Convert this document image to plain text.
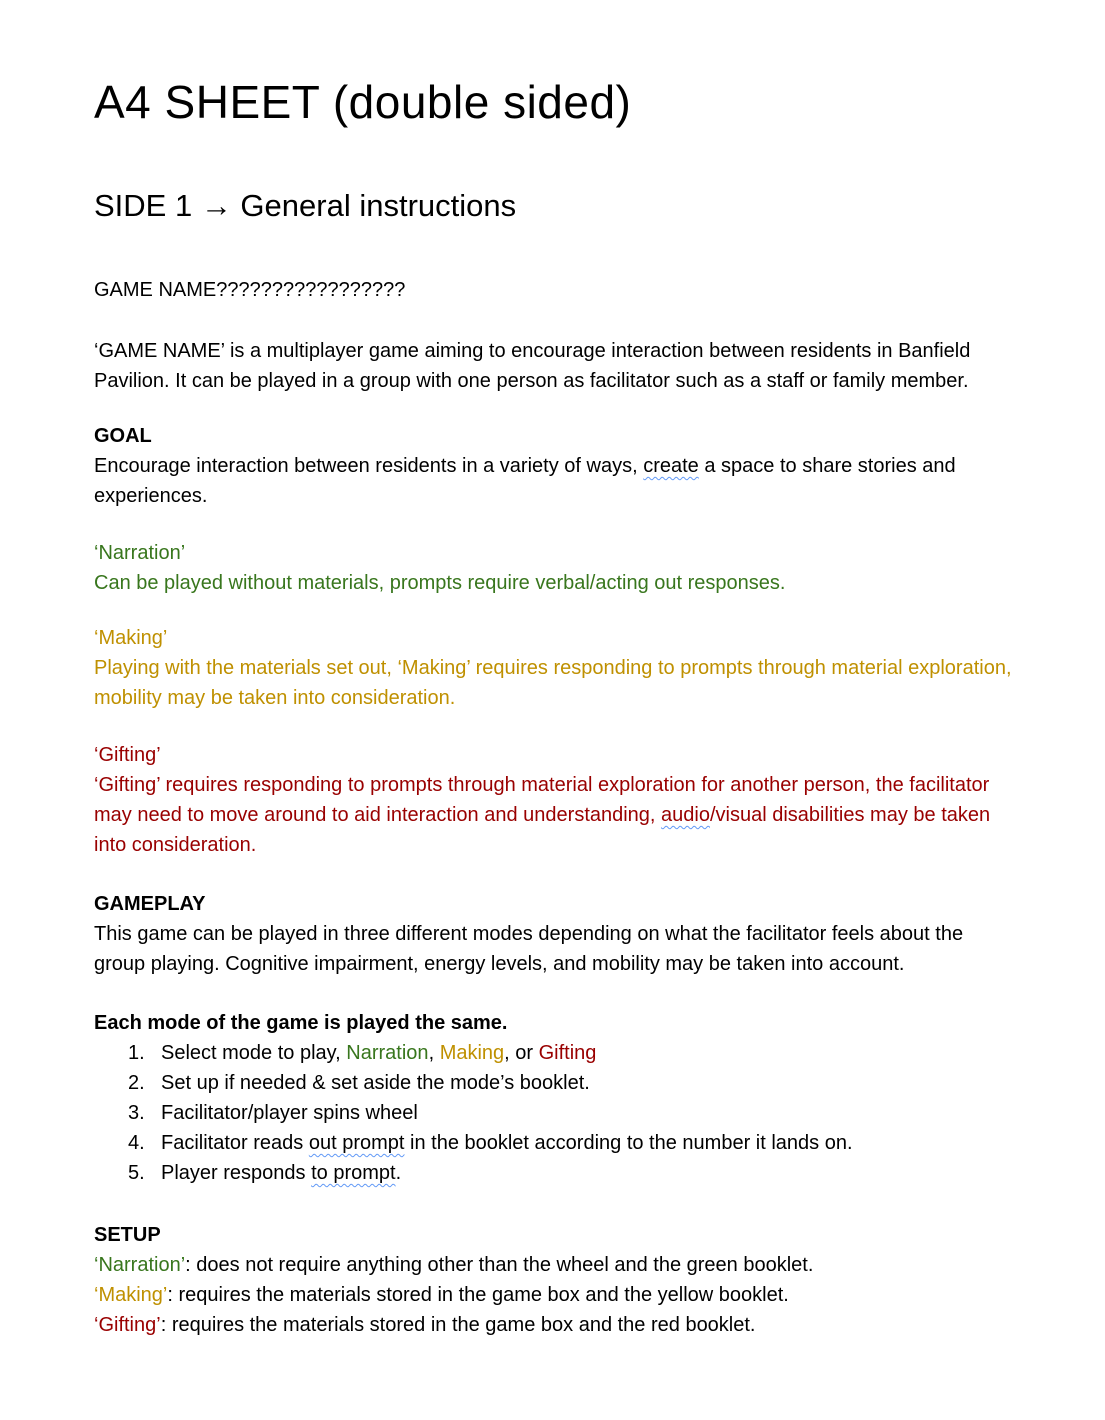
A4 SHEET (double sided)
SIDE 1 → General instructions

GAME NAME?????????????????

‘GAME NAME’ is a multiplayer game aiming to encourage interaction between residents in Banfield Pavilion. It can be played in a group with one person as facilitator such as a staff or family member.

GOAL
Encourage interaction between residents in a variety of ways, create a space to share stories and experiences.

‘Narration’
Can be played without materials, prompts require verbal/acting out responses.

‘Making’
Playing with the materials set out, ‘Making’ requires responding to prompts through material exploration, mobility may be taken into consideration.

‘Gifting’
‘Gifting’ requires responding to prompts through material exploration for another person, the facilitator may need to move around to aid interaction and understanding, audio/visual disabilities may be taken into consideration.

GAMEPLAY
This game can be played in three different modes depending on what the facilitator feels about the group playing. Cognitive impairment, energy levels, and mobility may be taken into account.

Each mode of the game is played the same.

1. Select mode to play, Narration, Making, or Gifting
2. Set up if needed & set aside the mode’s booklet.
3. Facilitator/player spins wheel
4. Facilitator reads out prompt in the booklet according to the number it lands on.
5. Player responds to prompt.

SETUP
‘Narration’: does not require anything other than the wheel and the green booklet.
‘Making’: requires the materials stored in the game box and the yellow booklet.
‘Gifting’: requires the materials stored in the game box and the red booklet.
